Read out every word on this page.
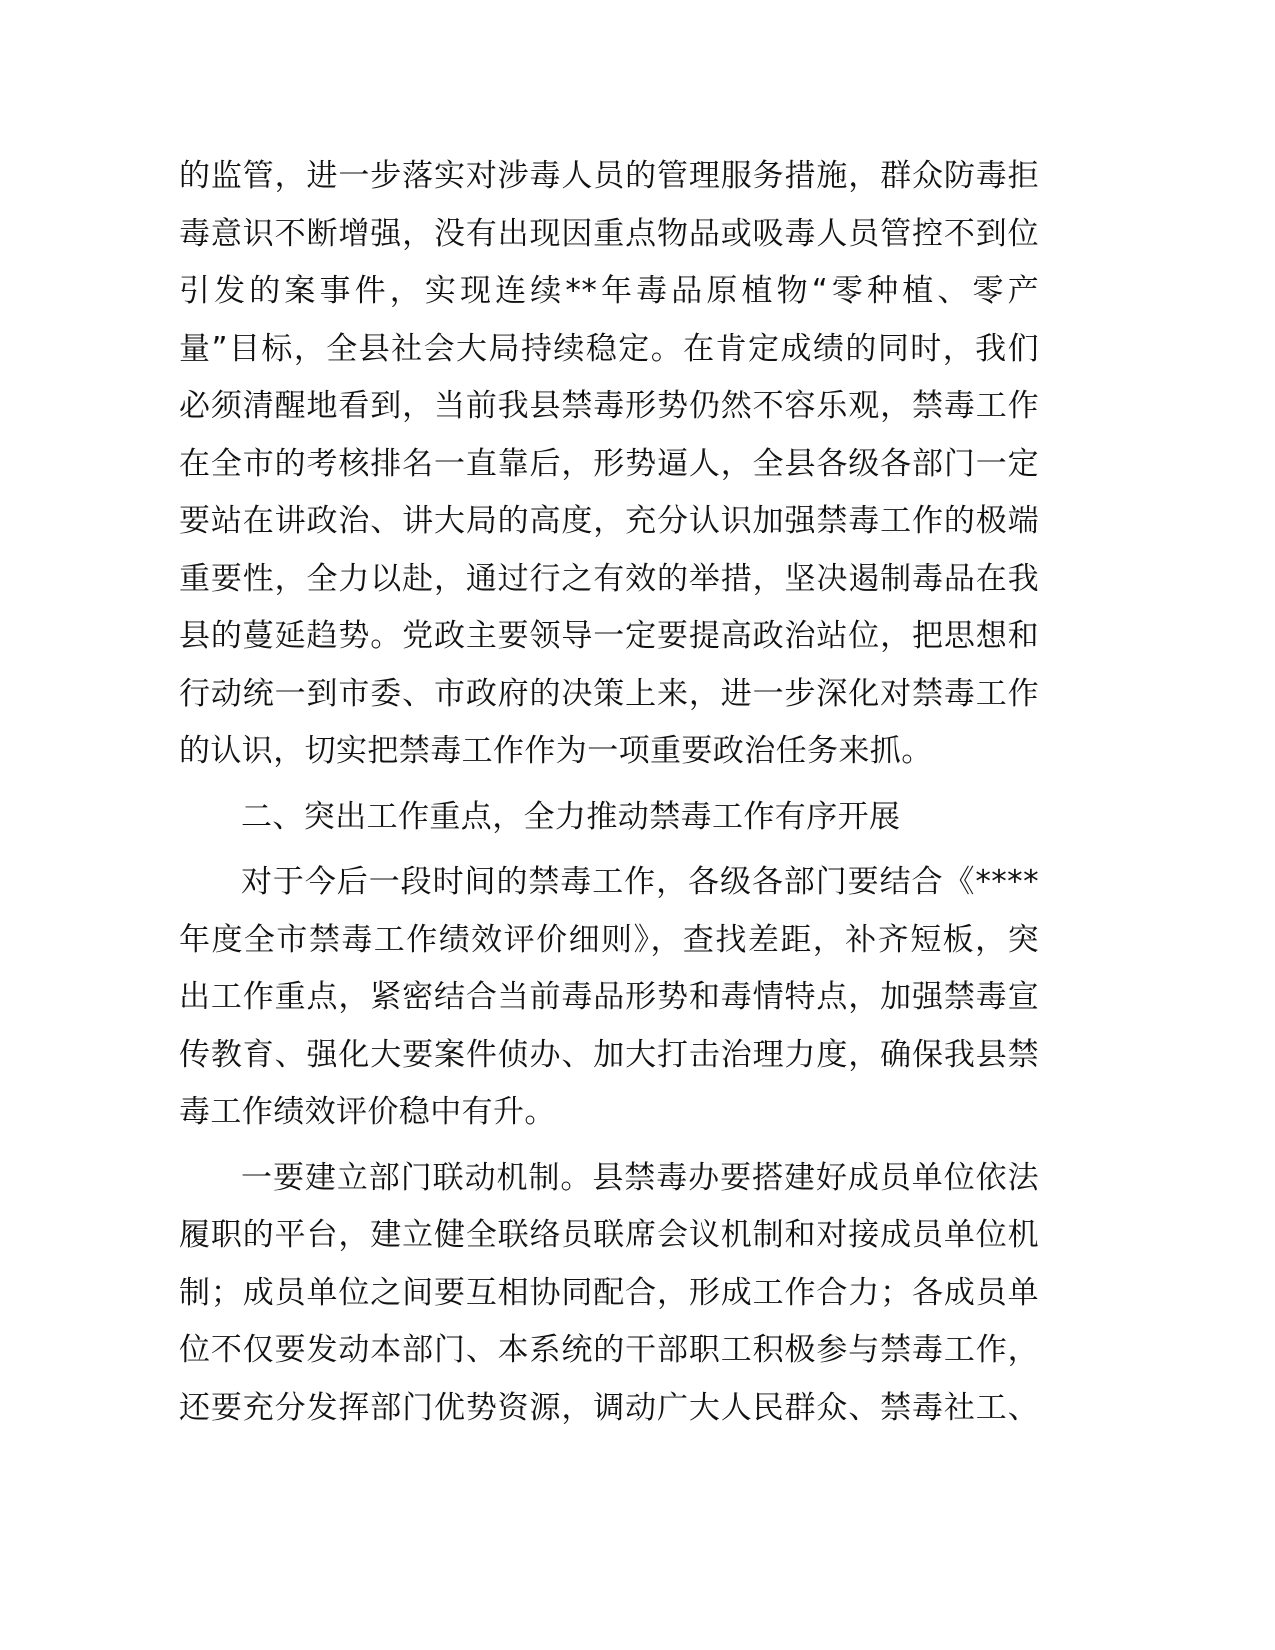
的监管，进一步落实对涉毒人员的管理服务措施，群众防毒拒
毒意识不断增强，没有出现因重点物品或吸毒人员管控不到位
引发的案事件，实现连续**年毒品原植物“零种植、零产
量”目标，全县社会大局持续稳定。在肯定成绩的同时，我们
必须清醒地看到，当前我县禁毒形势仍然不容乐观，禁毒工作
在全市的考核排名一直靠后，形势逼人，全县各级各部门一定
要站在讲政治、讲大局的高度，充分认识加强禁毒工作的极端
重要性，全力以赴，通过行之有效的举措，坚决遏制毒品在我
县的蔓延趋势。党政主要领导一定要提高政治站位，把思想和
行动统一到市委、市政府的决策上来，进一步深化对禁毒工作
的认识，切实把禁毒工作作为一项重要政治任务来抓。
二、突出工作重点，全力推动禁毒工作有序开展
对于今后一段时间的禁毒工作，各级各部门要结合《****
年度全市禁毒工作绩效评价细则》，查找差距，补齐短板，突
出工作重点，紧密结合当前毒品形势和毒情特点，加强禁毒宣
传教育、强化大要案件侦办、加大打击治理力度，确保我县禁
毒工作绩效评价稳中有升。
一要建立部门联动机制。县禁毒办要搭建好成员单位依法
履职的平台，建立健全联络员联席会议机制和对接成员单位机
制；成员单位之间要互相协同配合，形成工作合力；各成员单
位不仅要发动本部门、本系统的干部职工积极参与禁毒工作，
还要充分发挥部门优势资源，调动广大人民群众、禁毒社工、
